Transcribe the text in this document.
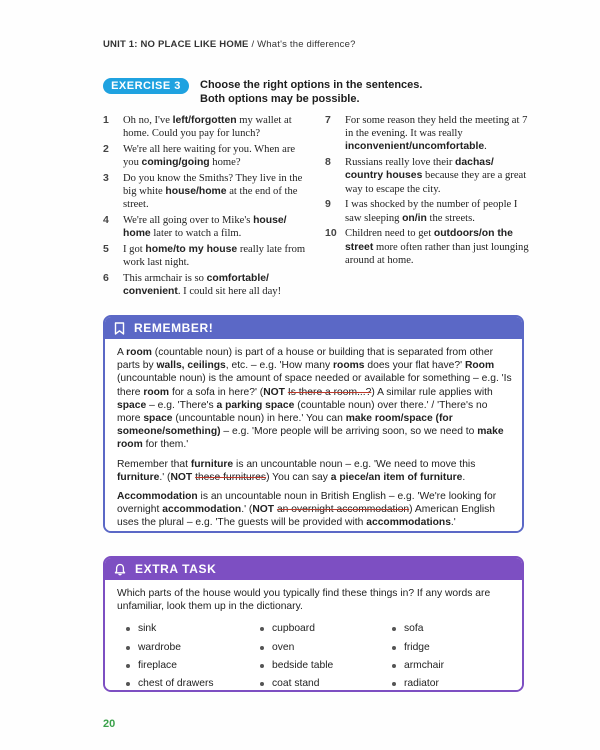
UNIT 1: NO PLACE LIKE HOME / What's the difference?
EXERCISE 3	Choose the right options in the sentences.
Both options may be possible.
1 Oh no, I've left/forgotten my wallet at home. Could you pay for lunch?
2 We're all here waiting for you. When are you coming/going home?
3 Do you know the Smiths? They live in the big white house/home at the end of the street.
4 We're all going over to Mike's house/ home later to watch a film.
5 I got home/to my house really late from work last night.
6 This armchair is so comfortable/ convenient. I could sit here all day!
7 For some reason they held the meeting at 7 in the evening. It was really inconvenient/uncomfortable.
8 Russians really love their dachas/ country houses because they are a great way to escape the city.
9 I was shocked by the number of people I saw sleeping on/in the streets.
10 Children need to get outdoors/on the street more often rather than just lounging around at home.
REMEMBER!

A room (countable noun) is part of a house or building that is separated from other parts by walls, ceilings, etc. – e.g. 'How many rooms does your flat have?' Room (uncountable noun) is the amount of space needed or available for something – e.g. 'Is there room for a sofa in here?' (NOT Is there a room...?) A similar rule applies with space – e.g. 'There's a parking space (countable noun) over there.' / 'There's no more space (uncountable noun) in here.' You can make room/space (for someone/something) – e.g. 'More people will be arriving soon, so we need to make room for them.'

Remember that furniture is an uncountable noun – e.g. 'We need to move this furniture.' (NOT these furnitures) You can say a piece/an item of furniture.

Accommodation is an uncountable noun in British English – e.g. 'We're looking for overnight accommodation.' (NOT an overnight accommodation) American English uses the plural – e.g. 'The guests will be provided with accommodations.'

EXTRA TASK

Which parts of the house would you typically find these things in? If any words are unfamiliar, look them up in the dictionary.

sink	cupboard	sofa
wardrobe	oven	fridge
fireplace	bedside table	armchair
chest of drawers	coat stand	radiator
20
